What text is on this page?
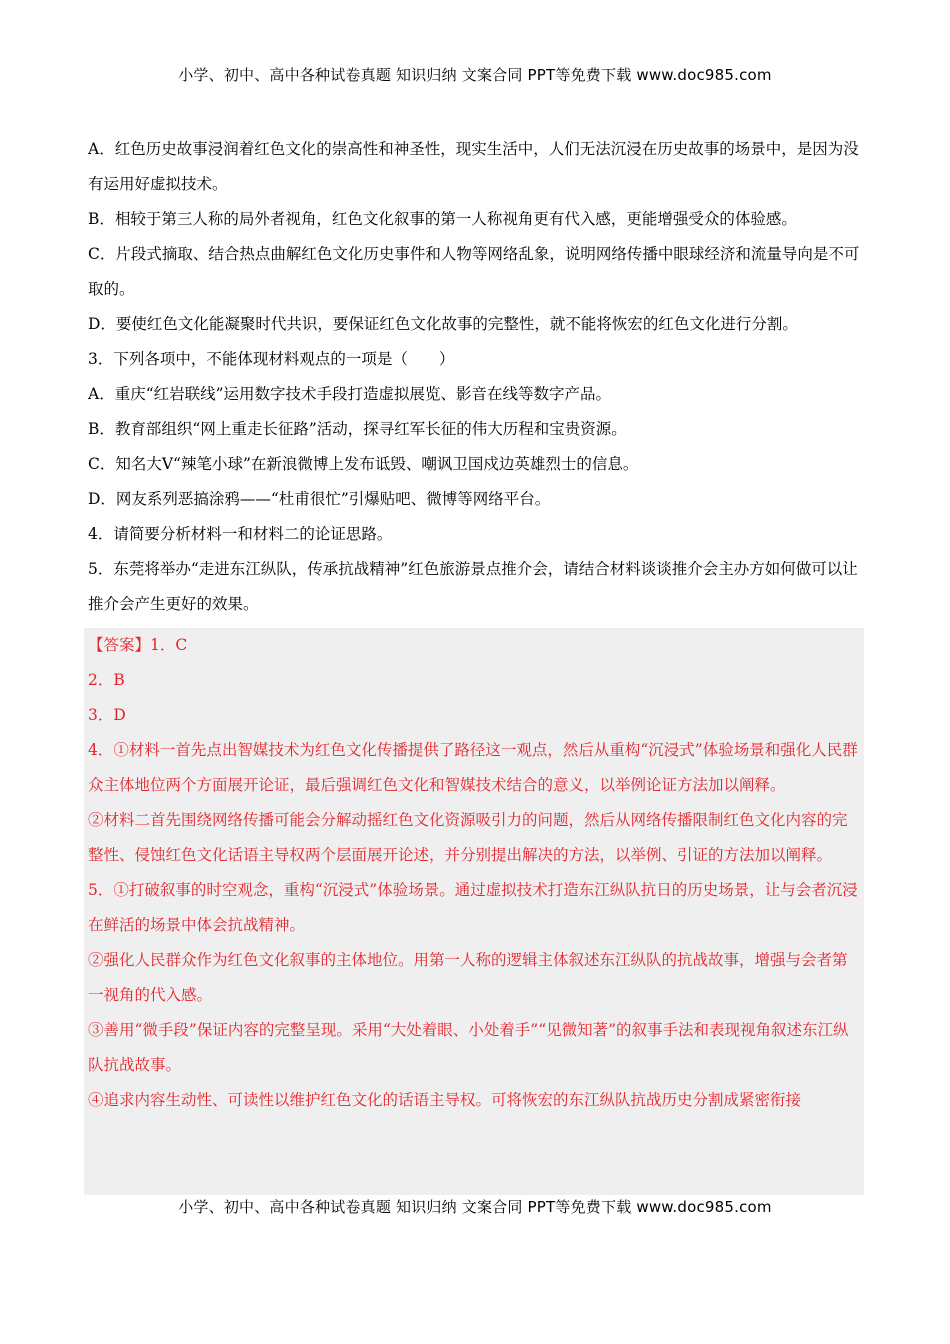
小学、初中、高中各种试卷真题 知识归纳 文案合同 PPT等免费下载 www.doc985.com
A．红色历史故事浸润着红色文化的崇高性和神圣性，现实生活中，人们无法沉浸在历史故事的场景中，是因为没有运用好虚拟技术。
B．相较于第三人称的局外者视角，红色文化叙事的第一人称视角更有代入感，更能增强受众的体验感。
C．片段式摘取、结合热点曲解红色文化历史事件和人物等网络乱象，说明网络传播中眼球经济和流量导向是不可取的。
D．要使红色文化能凝聚时代共识，要保证红色文化故事的完整性，就不能将恢宏的红色文化进行分割。
3．下列各项中，不能体现材料观点的一项是（　　）
A．重庆“红岩联线”运用数字技术手段打造虚拟展览、影音在线等数字产品。
B．教育部组织“网上重走长征路”活动，探寻红军长征的伟大历程和宝贵资源。
C．知名大V“辣笔小球”在新浪微博上发布诋毁、嘲讽卫国戍边英雄烈士的信息。
D．网友系列恶搞涂鸦——“杜甫很忙”引爆贴吧、微博等网络平台。
4．请简要分析材料一和材料二的论证思路。
5．东莞将举办“走进东江纵队，传承抗战精神”红色旅游景点推介会，请结合材料谈谈推介会主办方如何做可以让推介会产生更好的效果。
【答案】1．C
2．B
3．D
4．①材料一首先点出智媒技术为红色文化传播提供了路径这一观点，然后从重构“沉浸式”体验场景和强化人民群众主体地位两个方面展开论证，最后强调红色文化和智媒技术结合的意义，以举例论证方法加以阐释。
②材料二首先围绕网络传播可能会分解动摇红色文化资源吸引力的问题，然后从网络传播限制红色文化内容的完整性、侵蚀红色文化话语主导权两个层面展开论述，并分别提出解决的方法，以举例、引证的方法加以阐释。
5．①打破叙事的时空观念，重构“沉浸式”体验场景。通过虚拟技术打造东江纵队抗日的历史场景，让与会者沉浸在鲜活的场景中体会抗战精神。
②强化人民群众作为红色文化叙事的主体地位。用第一人称的逻辑主体叙述东江纵队的抗战故事，增强与会者第一视角的代入感。
③善用“微手段”保证内容的完整呈现。采用“大处着眼、小处着手”“见微知著”的叙事手法和表现视角叙述东江纵队抗战故事。
④追求内容生动性、可读性以维护红色文化的话语主导权。可将恢宏的东江纵队抗战历史分割成紧密衔接
小学、初中、高中各种试卷真题 知识归纳 文案合同 PPT等免费下载 www.doc985.com
